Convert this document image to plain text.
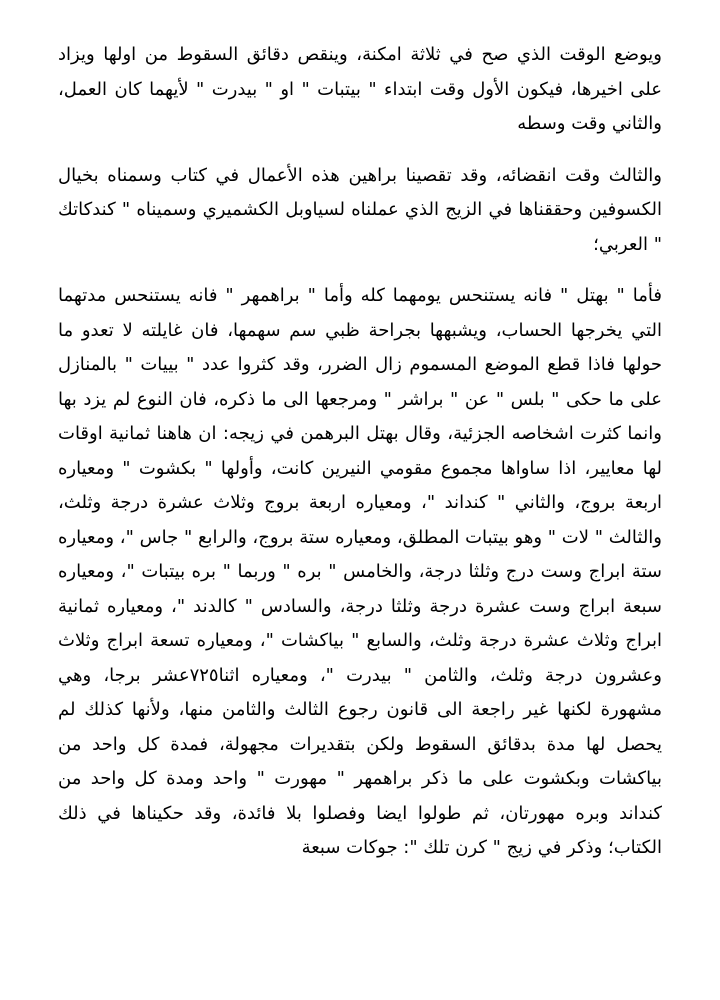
ويوضع الوقت الذي صح في ثلاثة امكنة، وينقص دقائق السقوط من اولها ويزاد على اخيرها، فيكون الأول وقت ابتداء " بيتبات " او " بيدرت " لأيهما كان العمل، والثاني وقت وسطه

والثالث وقت انقضائه، وقد تقصينا براهين هذه الأعمال في كتاب وسمناه بخيال الكسوفين وحققناها في الزيج الذي عملناه لسياوبل الكشميري وسميناه " كندكاتك " العربي؛

فأما " بهتل " فانه يستنحس يومهما كله وأما " براهمهر " فانه يستنحس مدتهما التي يخرجها الحساب، ويشبهها بجراحة ظبي سم سهمها، فان غايلته لا تعدو ما حولها فاذا قطع الموضع المسموم زال الضرر، وقد كثروا عدد " بييات " بالمنازل على ما حكى " بلس " عن " براشر " ومرجعها الى ما ذكره، فان النوع لم يزد بها وانما كثرت اشخاصه الجزئية، وقال بهتل البرهمن في زيجه: ان هاهنا ثمانية اوقات لها معايير، اذا ساواها مجموع مقومي النيرين كانت، وأولها " بكشوت " ومعياره اربعة بروج، والثاني " كنداند "، ومعياره اربعة بروج وثلاث عشرة درجة وثلث، والثالث " لات " وهو بيتبات المطلق، ومعياره ستة بروج، والرابع " جاس "، ومعياره ستة ابراج وست درج وثلثا درجة، والخامس " بره " وربما " بره بيتبات "، ومعياره سبعة ابراج وست عشرة درجة وثلثا درجة، والسادس " كالدند "، ومعياره ثمانية ابراج وثلاث عشرة درجة وثلث، والسابع " بياكشات "، ومعياره تسعة ابراج وثلاث وعشرون درجة وثلث، والثامن " بيدرت "، ومعياره اثنا٧٢٥عشر برجا، وهي مشهورة لكنها غير راجعة الى قانون رجوع الثالث والثامن منها، ولأنها كذلك لم يحصل لها مدة بدقائق السقوط ولكن بتقديرات مجهولة، فمدة كل واحد من بياكشات وبكشوت على ما ذكر براهمهر " مهورت " واحد ومدة كل واحد من كنداند وبره مهورتان، ثم طولوا ايضا وفصلوا بلا فائدة، وقد حكيناها في ذلك الكتاب؛ وذكر في زيج " كرن تلك ": جوكات سبعة
